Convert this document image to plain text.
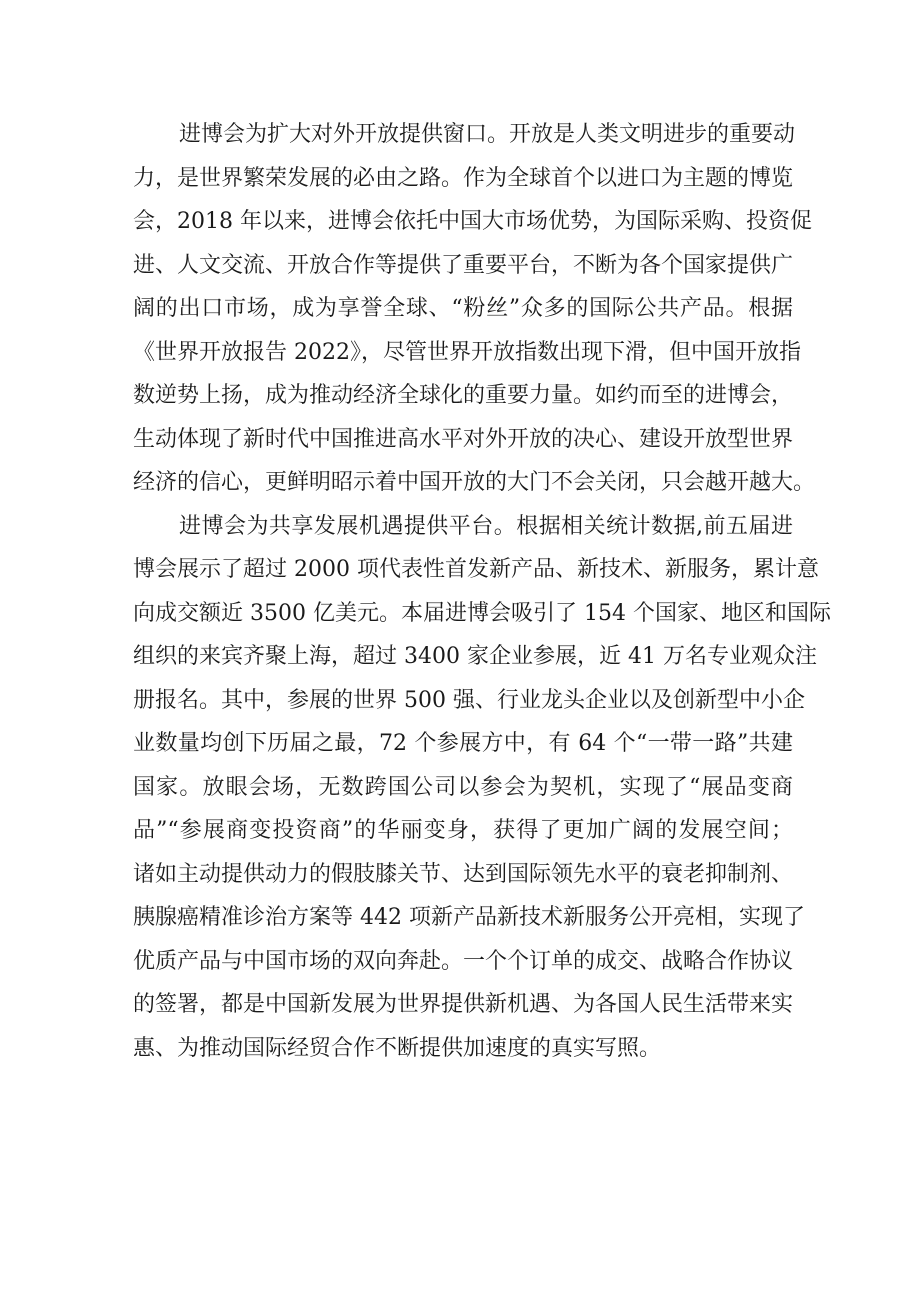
进博会为扩大对外开放提供窗口。开放是人类文明进步的重要动
力，是世界繁荣发展的必由之路。作为全球首个以进口为主题的博览
会，2018 年以来，进博会依托中国大市场优势，为国际采购、投资促
进、人文交流、开放合作等提供了重要平台，不断为各个国家提供广
阔的出口市场，成为享誉全球、“粉丝”众多的国际公共产品。根据
《世界开放报告 2022》，尽管世界开放指数出现下滑，但中国开放指
数逆势上扬，成为推动经济全球化的重要力量。如约而至的进博会，
生动体现了新时代中国推进高水平对外开放的决心、建设开放型世界
经济的信心，更鲜明昭示着中国开放的大门不会关闭，只会越开越大。
进博会为共享发展机遇提供平台。根据相关统计数据,前五届进
博会展示了超过 2000 项代表性首发新产品、新技术、新服务，累计意
向成交额近 3500 亿美元。本届进博会吸引了 154 个国家、地区和国际
组织的来宾齐聚上海，超过 3400 家企业参展，近 41 万名专业观众注
册报名。其中，参展的世界 500 强、行业龙头企业以及创新型中小企
业数量均创下历届之最，72 个参展方中，有 64 个“一带一路”共建
国家。放眼会场，无数跨国公司以参会为契机，实现了“展品变商
品”“参展商变投资商”的华丽变身，获得了更加广阔的发展空间；
诸如主动提供动力的假肢膝关节、达到国际领先水平的衰老抑制剂、
胰腺癌精准诊治方案等 442 项新产品新技术新服务公开亮相，实现了
优质产品与中国市场的双向奔赴。一个个订单的成交、战略合作协议
的签署，都是中国新发展为世界提供新机遇、为各国人民生活带来实
惠、为推动国际经贸合作不断提供加速度的真实写照。
